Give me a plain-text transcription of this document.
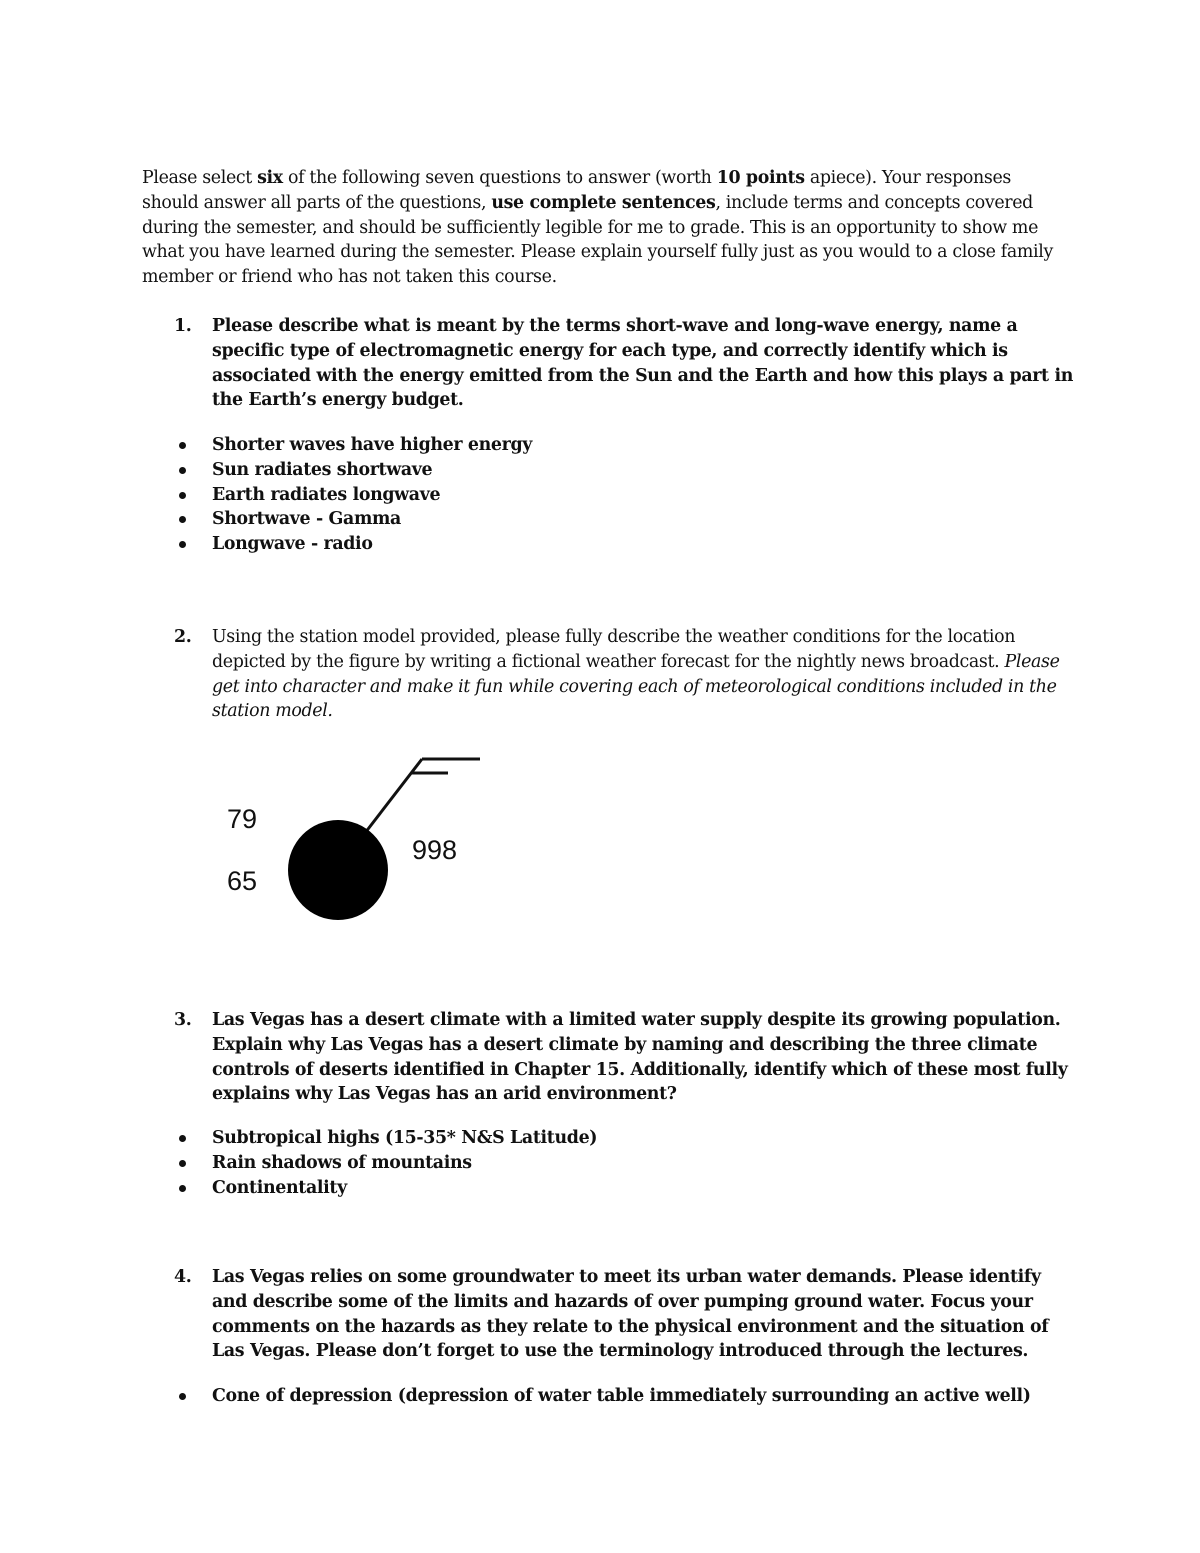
Please select six of the following seven questions to answer (worth 10 points apiece). Your responses should answer all parts of the questions, use complete sentences, include terms and concepts covered during the semester, and should be sufficiently legible for me to grade. This is an opportunity to show me what you have learned during the semester. Please explain yourself fully just as you would to a close family member or friend who has not taken this course.
1. Please describe what is meant by the terms short-wave and long-wave energy, name a specific type of electromagnetic energy for each type, and correctly identify which is associated with the energy emitted from the Sun and the Earth and how this plays a part in the Earth’s energy budget.
Shorter waves have higher energy
Sun radiates shortwave
Earth radiates longwave
Shortwave - Gamma
Longwave - radio
2. Using the station model provided, please fully describe the weather conditions for the location depicted by the figure by writing a fictional weather forecast for the nightly news broadcast. Please get into character and make it fun while covering each of meteorological conditions included in the station model.
79
65
998
3. Las Vegas has a desert climate with a limited water supply despite its growing population. Explain why Las Vegas has a desert climate by naming and describing the three climate controls of deserts identified in Chapter 15. Additionally, identify which of these most fully explains why Las Vegas has an arid environment?
Subtropical highs (15-35* N&S Latitude)
Rain shadows of mountains
Continentality
4. Las Vegas relies on some groundwater to meet its urban water demands. Please identify and describe some of the limits and hazards of over pumping ground water. Focus your comments on the hazards as they relate to the physical environment and the situation of Las Vegas. Please don’t forget to use the terminology introduced through the lectures.
Cone of depression (depression of water table immediately surrounding an active well)
